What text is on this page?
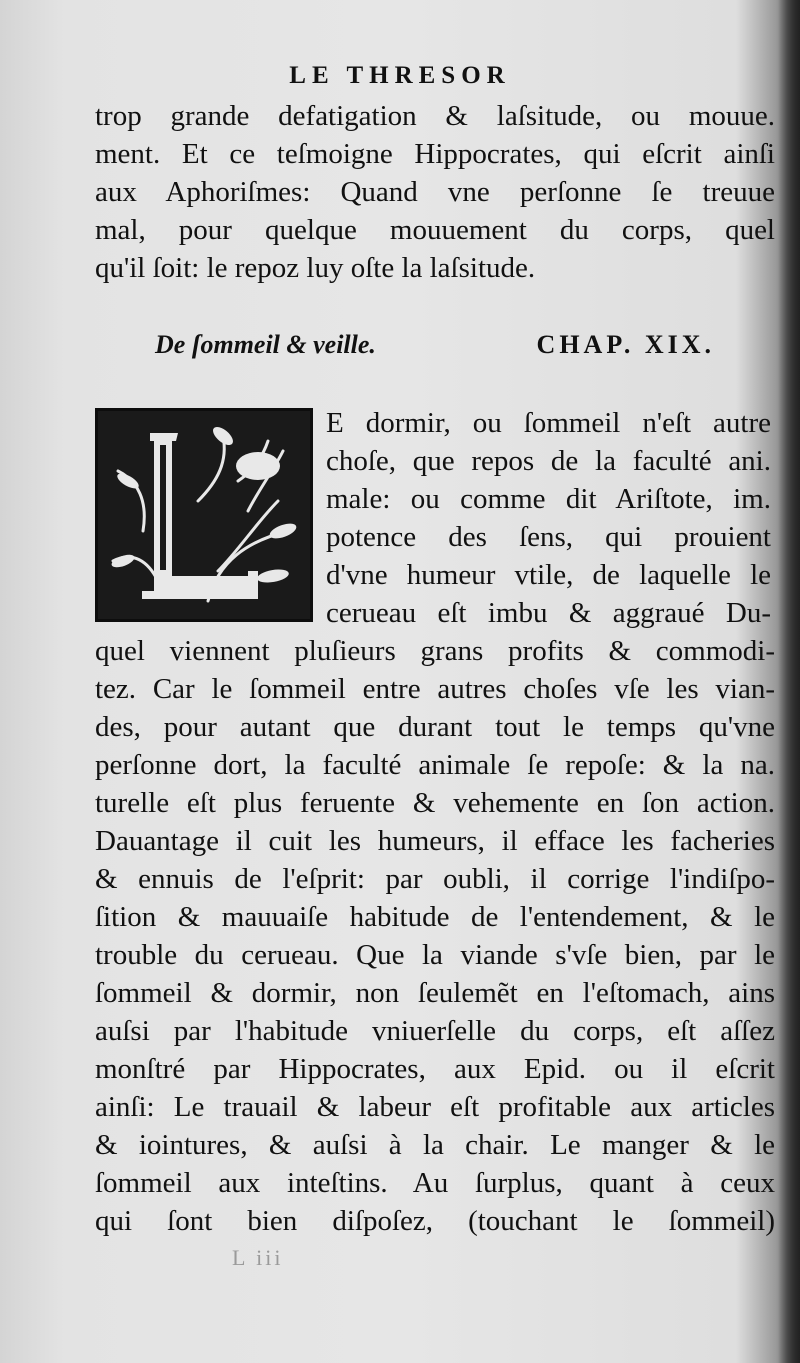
LE THRESOR
trop grande defatigation & laſsitude, ou mouue.
ment. Et ce teſmoigne Hippocrates, qui eſcrit ainſi
aux Aphoriſmes: Quand vne perſonne ſe treuue
mal, pour quelque mouuement du corps, quel
qu'il ſoit: le repoz luy oſte la laſsitude.
De ſommeil & veille.	CHAP. XIX.
E dormir, ou ſommeil n'eſt autre
choſe, que repos de la faculté ani.
male: ou comme dit Ariſtote, im.
potence des ſens, qui prouient
d'vne humeur vtile, de laquelle le
cerueau eſt imbu & aggraué Du-
quel viennent pluſieurs grans profits & commodi-
tez. Car le ſommeil entre autres choſes vſe les vian-
des, pour autant que durant tout le temps qu'vne
perſonne dort, la faculté animale ſe repoſe: & la na.
turelle eſt plus feruente & vehemente en ſon action.
Dauantage il cuit les humeurs, il efface les facheries
& ennuis de l'eſprit: par oubli, il corrige l'indiſpo-
ſition & mauuaiſe habitude de l'entendement, & le
trouble du cerueau. Que la viande s'vſe bien, par le
ſommeil & dormir, non ſeulemẽt en l'eſtomach, ains
auſsi par l'habitude vniuerſelle du corps, eſt aſſez
monſtré par Hippocrates, aux Epid. ou il eſcrit
ainſi: Le trauail & labeur eſt profitable aux articles
& iointures, & auſsi à la chair. Le manger & le
ſommeil aux inteſtins. Au ſurplus, quant à ceux
qui ſont bien diſpoſez, (touchant le ſommeil)
L iii
